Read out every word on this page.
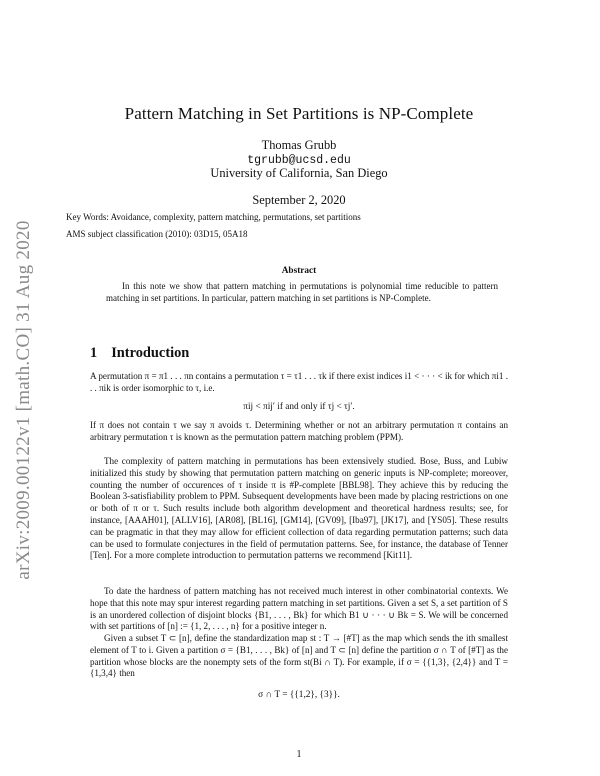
arXiv:2009.00122v1 [math.CO] 31 Aug 2020
Pattern Matching in Set Partitions is NP-Complete
Thomas Grubb
tgrubb@ucsd.edu
University of California, San Diego
September 2, 2020
Key Words: Avoidance, complexity, pattern matching, permutations, set partitions
AMS subject classification (2010): 03D15, 05A18
Abstract
In this note we show that pattern matching in permutations is polynomial time reducible to pattern matching in set partitions. In particular, pattern matching in set partitions is NP-Complete.
1 Introduction

A permutation π = π1 . . . πn contains a permutation τ = τ1 . . . τk if there exist indices i1 < · · · < ik for which πi1 . . . πik is order isomorphic to τ, i.e.

πij < πij′ if and only if τj < τj′.

If π does not contain τ we say π avoids τ. Determining whether or not an arbitrary permutation π contains an arbitrary permutation τ is known as the permutation pattern matching problem (PPM).

The complexity of pattern matching in permutations has been extensively studied. Bose, Buss, and Lubiw initialized this study by showing that permutation pattern matching on generic inputs is NP-complete; moreover, counting the number of occurences of τ inside π is #P-complete [BBL98]. They achieve this by reducing the Boolean 3-satisfiability problem to PPM. Subsequent developments have been made by placing restrictions on one or both of π or τ. Such results include both algorithm development and theoretical hardness results; see, for instance, [AAAH01], [ALLV16], [AR08], [BL16], [GM14], [GV09], [Iba97], [JK17], and [YS05]. These results can be pragmatic in that they may allow for efficient collection of data regarding permutation patterns; such data can be used to formulate conjectures in the field of permutation patterns. See, for instance, the database of Tenner [Ten]. For a more complete introduction to permutation patterns we recommend [Kit11].

To date the hardness of pattern matching has not received much interest in other combinatorial contexts. We hope that this note may spur interest regarding pattern matching in set partitions. Given a set S, a set partition of S is an unordered collection of disjoint blocks {B1, . . . , Bk} for which B1 ∪ · · · ∪ Bk = S. We will be concerned with set partitions of [n] := {1, 2, . . . , n} for a positive integer n.

Given a subset T ⊂ [n], define the standardization map st : T → [#T] as the map which sends the ith smallest element of T to i. Given a partition σ = {B1, . . . , Bk} of [n] and T ⊂ [n] define the partition σ ∩ T of [#T] as the partition whose blocks are the nonempty sets of the form st(Bi ∩ T). For example, if σ = {{1,3}, {2,4}} and T = {1,3,4} then

σ ∩ T = {{1,2}, {3}}.
1
